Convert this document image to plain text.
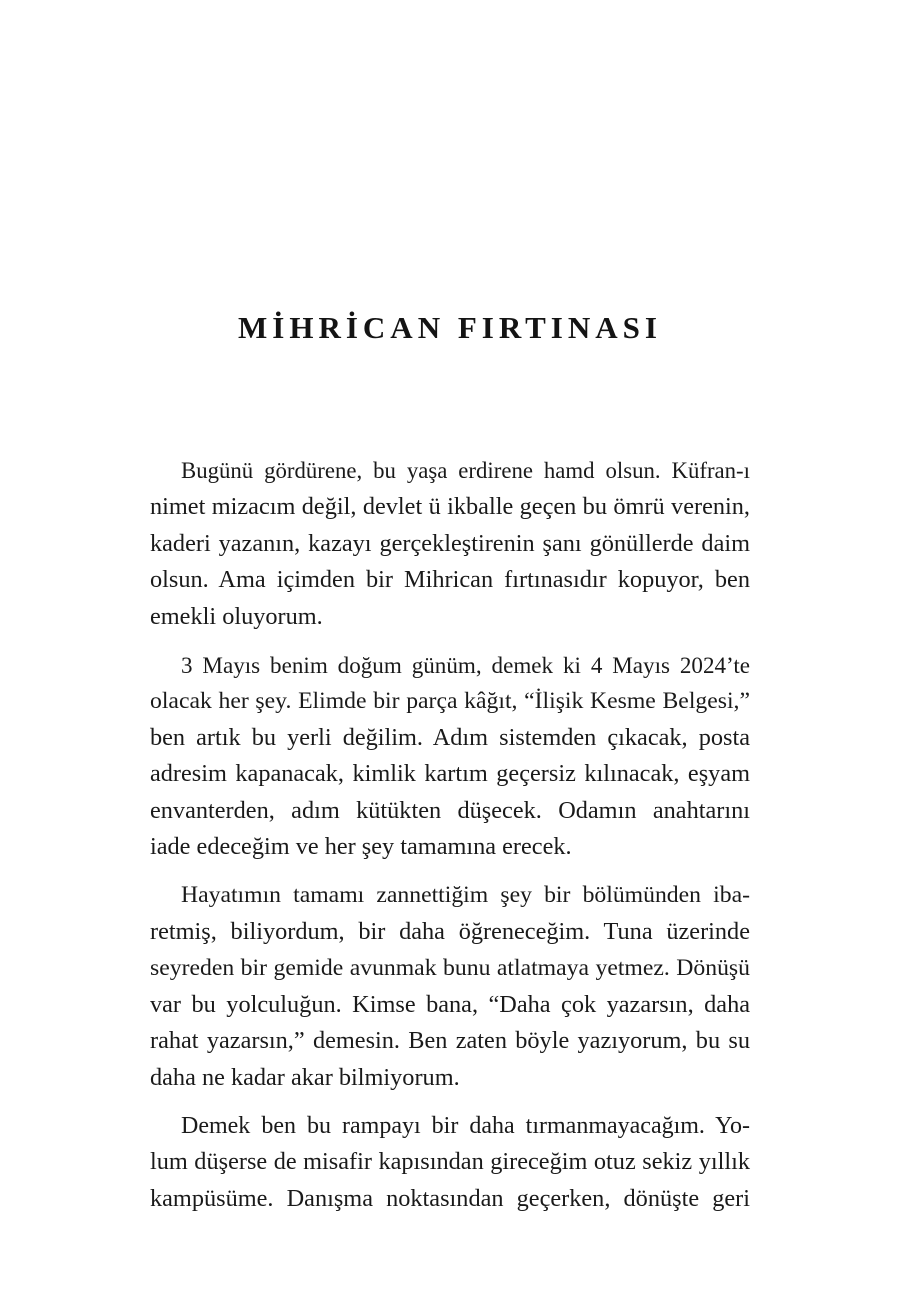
MİHRİCAN FIRTINASI

Bugünü gördürene, bu yaşa erdirene hamd olsun. Küfran-ı
nimet mizacım değil, devlet ü ikballe geçen bu ömrü verenin,
kaderi yazanın, kazayı gerçekleştirenin şanı gönüllerde daim
olsun. Ama içimden bir Mihrican fırtınasıdır kopuyor, ben
emekli oluyorum.

3 Mayıs benim doğum günüm, demek ki 4 Mayıs 2024’te
olacak her şey. Elimde bir parça kâğıt, “İlişik Kesme Belgesi,”
ben artık bu yerli değilim. Adım sistemden çıkacak, posta
adresim kapanacak, kimlik kartım geçersiz kılınacak, eşyam
envanterden, adım kütükten düşecek. Odamın anahtarını
iade edeceğim ve her şey tamamına erecek.

Hayatımın tamamı zannettiğim şey bir bölümünden iba-
retmiş, biliyordum, bir daha öğreneceğim. Tuna üzerinde
seyreden bir gemide avunmak bunu atlatmaya yetmez. Dönüşü
var bu yolculuğun. Kimse bana, “Daha çok yazarsın, daha
rahat yazarsın,” demesin. Ben zaten böyle yazıyorum, bu su
daha ne kadar akar bilmiyorum.

Demek ben bu rampayı bir daha tırmanmayacağım. Yo-
lum düşerse de misafir kapısından gireceğim otuz sekiz yıllık
kampüsüme. Danışma noktasından geçerken, dönüşte geri
